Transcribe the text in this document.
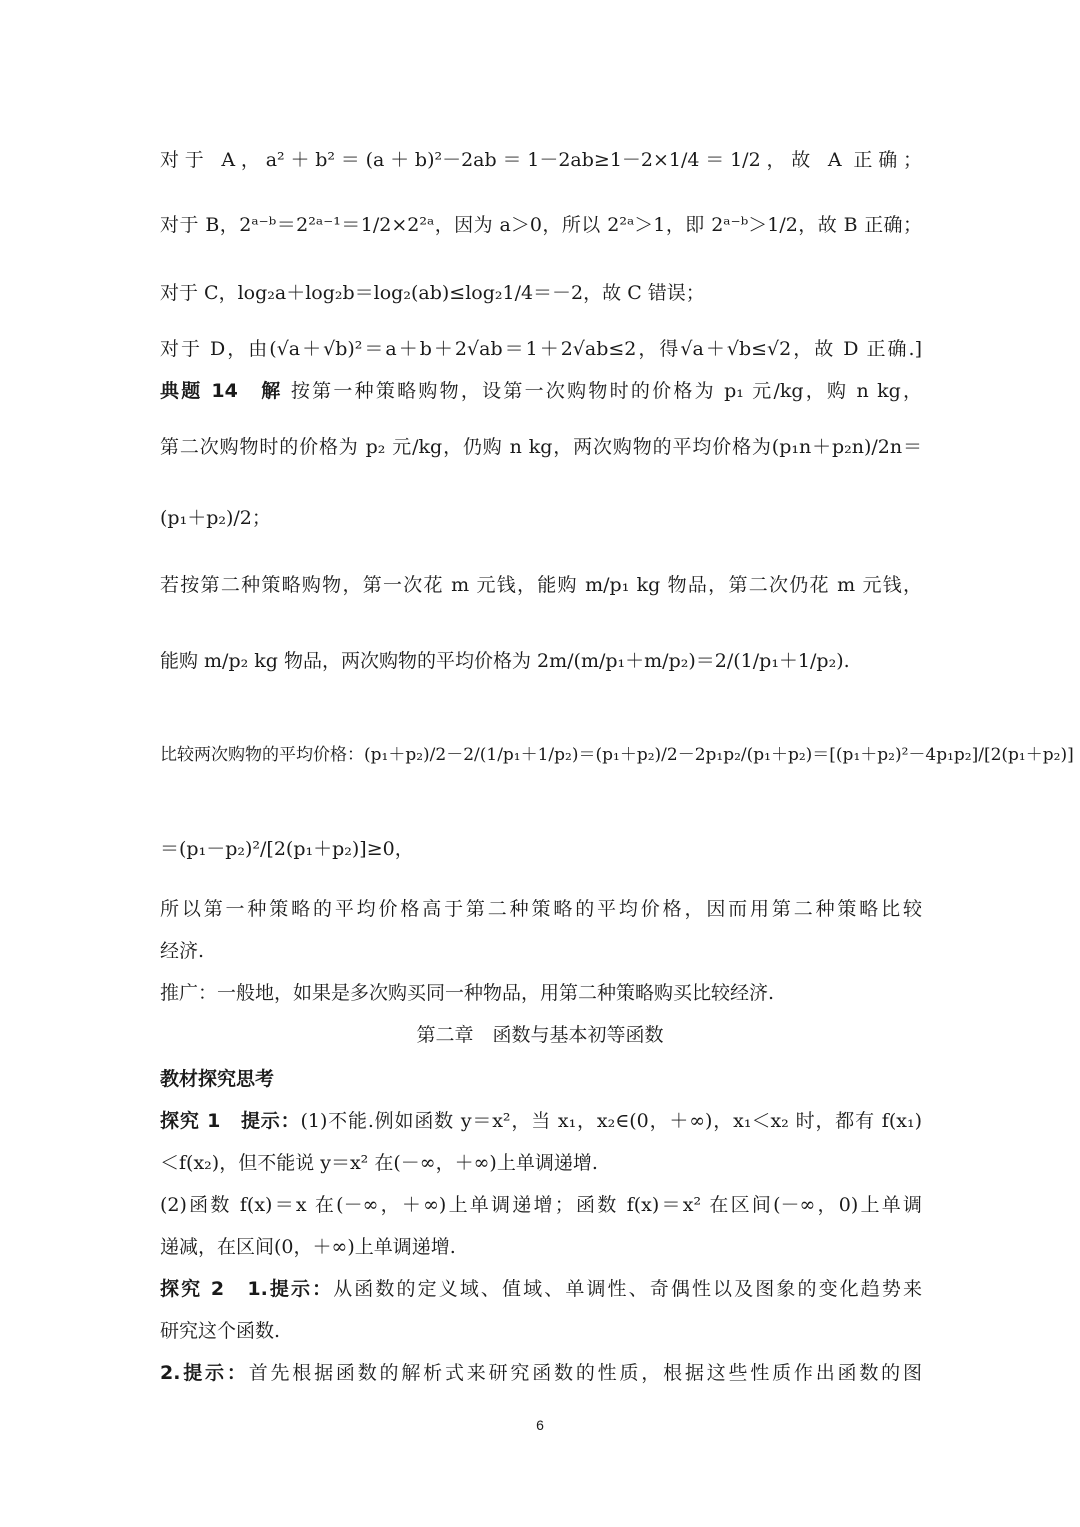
对于 A，a²＋b²＝(a＋b)²－2ab＝1－2ab≥1－2×1/4＝1/2，故 A 正确；
对于 B，2ᵃ⁻ᵇ＝2²ᵃ⁻¹＝1/2×2²ᵃ，因为 a＞0，所以 2²ᵃ＞1，即 2ᵃ⁻ᵇ＞1/2，故 B 正确；
对于 C，log₂a＋log₂b＝log₂(ab)≤log₂1/4＝－2，故 C 错误；
对于 D，由(√a＋√b)²＝a＋b＋2√ab＝1＋2√ab≤2，得√a＋√b≤√2，故 D 正确.]
典题 14　解 按第一种策略购物，设第一次购物时的价格为 p₁ 元/kg，购 n kg，
第二次购物时的价格为 p₂ 元/kg，仍购 n kg，两次购物的平均价格为(p₁n＋p₂n)/2n＝
(p₁＋p₂)/2；
若按第二种策略购物，第一次花 m 元钱，能购 m/p₁ kg 物品，第二次仍花 m 元钱，
能购 m/p₂ kg 物品，两次购物的平均价格为 2m/(m/p₁＋m/p₂)＝2/(1/p₁＋1/p₂).
比较两次购物的平均价格：(p₁＋p₂)/2－2/(1/p₁＋1/p₂)＝(p₁＋p₂)/2－2p₁p₂/(p₁＋p₂)＝[(p₁＋p₂)²－4p₁p₂]/[2(p₁＋p₂)]
＝(p₁－p₂)²/[2(p₁＋p₂)]≥0，
所以第一种策略的平均价格高于第二种策略的平均价格，因而用第二种策略比较
经济.
推广：一般地，如果是多次购买同一种物品，用第二种策略购买比较经济.
第二章　函数与基本初等函数
教材探究思考
探究 1　提示：(1)不能.例如函数 y＝x²，当 x₁，x₂∈(0，＋∞)，x₁＜x₂ 时，都有 f(x₁)
＜f(x₂)，但不能说 y＝x² 在(－∞，＋∞)上单调递增.
(2)函数 f(x)＝x 在(－∞，＋∞)上单调递增；函数 f(x)＝x² 在区间(－∞，0)上单调
递减，在区间(0，＋∞)上单调递增.
探究 2　1.提示：从函数的定义域、值域、单调性、奇偶性以及图象的变化趋势来
研究这个函数.
2.提示：首先根据函数的解析式来研究函数的性质，根据这些性质作出函数的图
6
